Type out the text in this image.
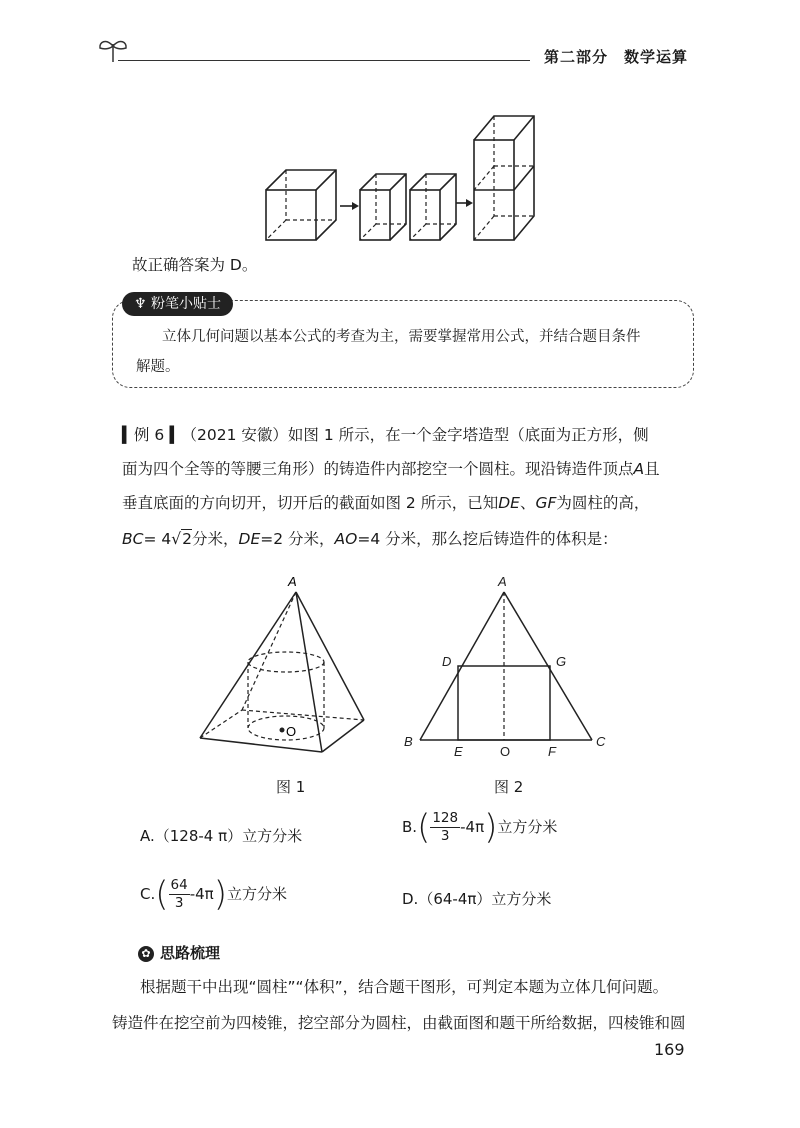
第二部分　数学运算
故正确答案为 D。
♆ 粉笔小贴士
立体几何问题以基本公式的考查为主，需要掌握常用公式，并结合题目条件
解题。
▍例 6 ▍（2021 安徽）如图 1 所示，在一个金字塔造型（底面为正方形，侧
面为四个全等的等腰三角形）的铸造件内部挖空一个圆柱。现沿铸造件顶点A且
垂直底面的方向切开，切开后的截面如图 2 所示，已知DE、GF为圆柱的高，
BC= 4√2分米，DE=2 分米，AO=4 分米，那么挖后铸造件的体积是：
A
O
A
D	G
B
E	O	F
C
图 1	图 2
A.（128-4 π）立方分米	$B.( \frac{128}{3} -4\pi)$立方分米
$C.( \frac{64}{3} -4\pi)$立方分米	D.（64-4π）立方分米
✿ 思路梳理
根据题干中出现“圆柱”“体积”，结合题干图形，可判定本题为立体几何问题。
铸造件在挖空前为四棱锥，挖空部分为圆柱，由截面图和题干所给数据，四棱锥和圆
169
